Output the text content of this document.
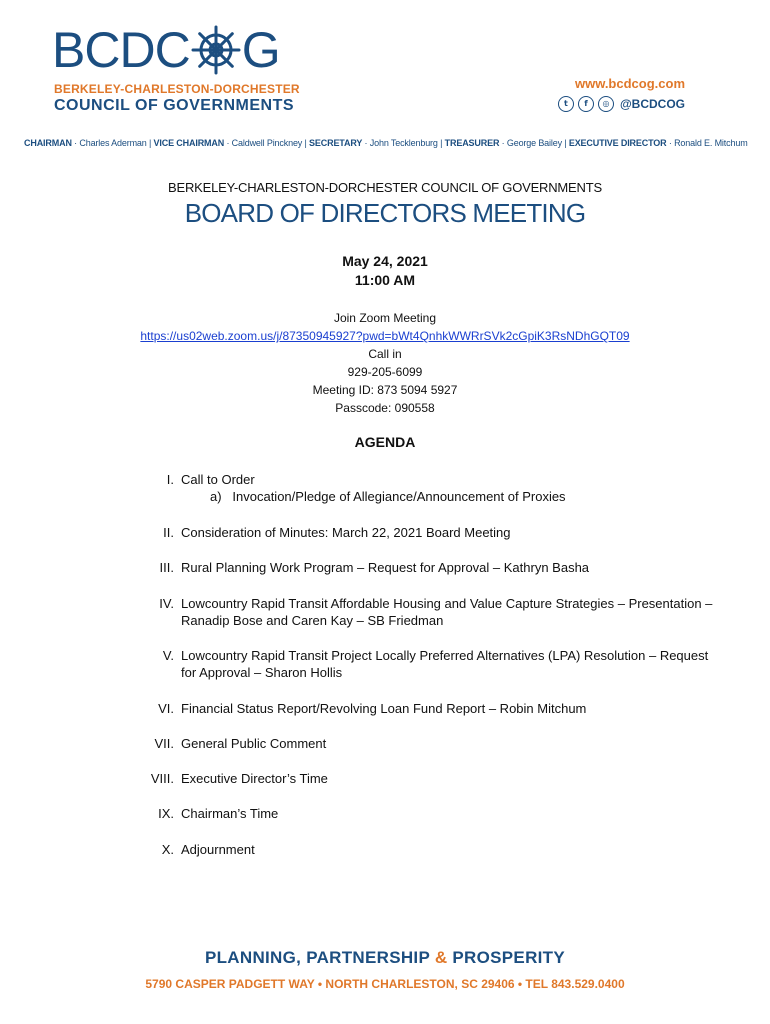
BCDC G
BERKELEY-CHARLESTON-DORCHESTER
COUNCIL OF GOVERNMENTS
www.bcdcog.com
t	f	◎ @BCDCOG
CHAIRMAN · Charles Aderman | VICE CHAIRMAN · Caldwell Pinckney | SECRETARY · John Tecklenburg | TREASURER · George Bailey | EXECUTIVE DIRECTOR · Ronald E. Mitchum
BERKELEY-CHARLESTON-DORCHESTER COUNCIL OF GOVERNMENTS
BOARD OF DIRECTORS MEETING
May 24, 2021
11:00 AM
Join Zoom Meeting
https://us02web.zoom.us/j/87350945927?pwd=bWt4QnhkWWRrSVk2cGpiK3RsNDhGQT09
Call in
929-205-6099
Meeting ID: 873 5094 5927
Passcode: 090558
AGENDA
I. Call to Order
a)   Invocation/Pledge of Allegiance/Announcement of Proxies
II. Consideration of Minutes: March 22, 2021 Board Meeting
III. Rural Planning Work Program – Request for Approval – Kathryn Basha
IV. Lowcountry Rapid Transit Affordable Housing and Value Capture Strategies – Presentation – Ranadip Bose and Caren Kay – SB Friedman
V. Lowcountry Rapid Transit Project Locally Preferred Alternatives (LPA) Resolution – Request for Approval – Sharon Hollis
VI. Financial Status Report/Revolving Loan Fund Report – Robin Mitchum
VII. General Public Comment
VIII. Executive Director’s Time
IX. Chairman’s Time
X. Adjournment
PLANNING, PARTNERSHIP & PROSPERITY
5790 CASPER PADGETT WAY • NORTH CHARLESTON, SC 29406 • TEL 843.529.0400
